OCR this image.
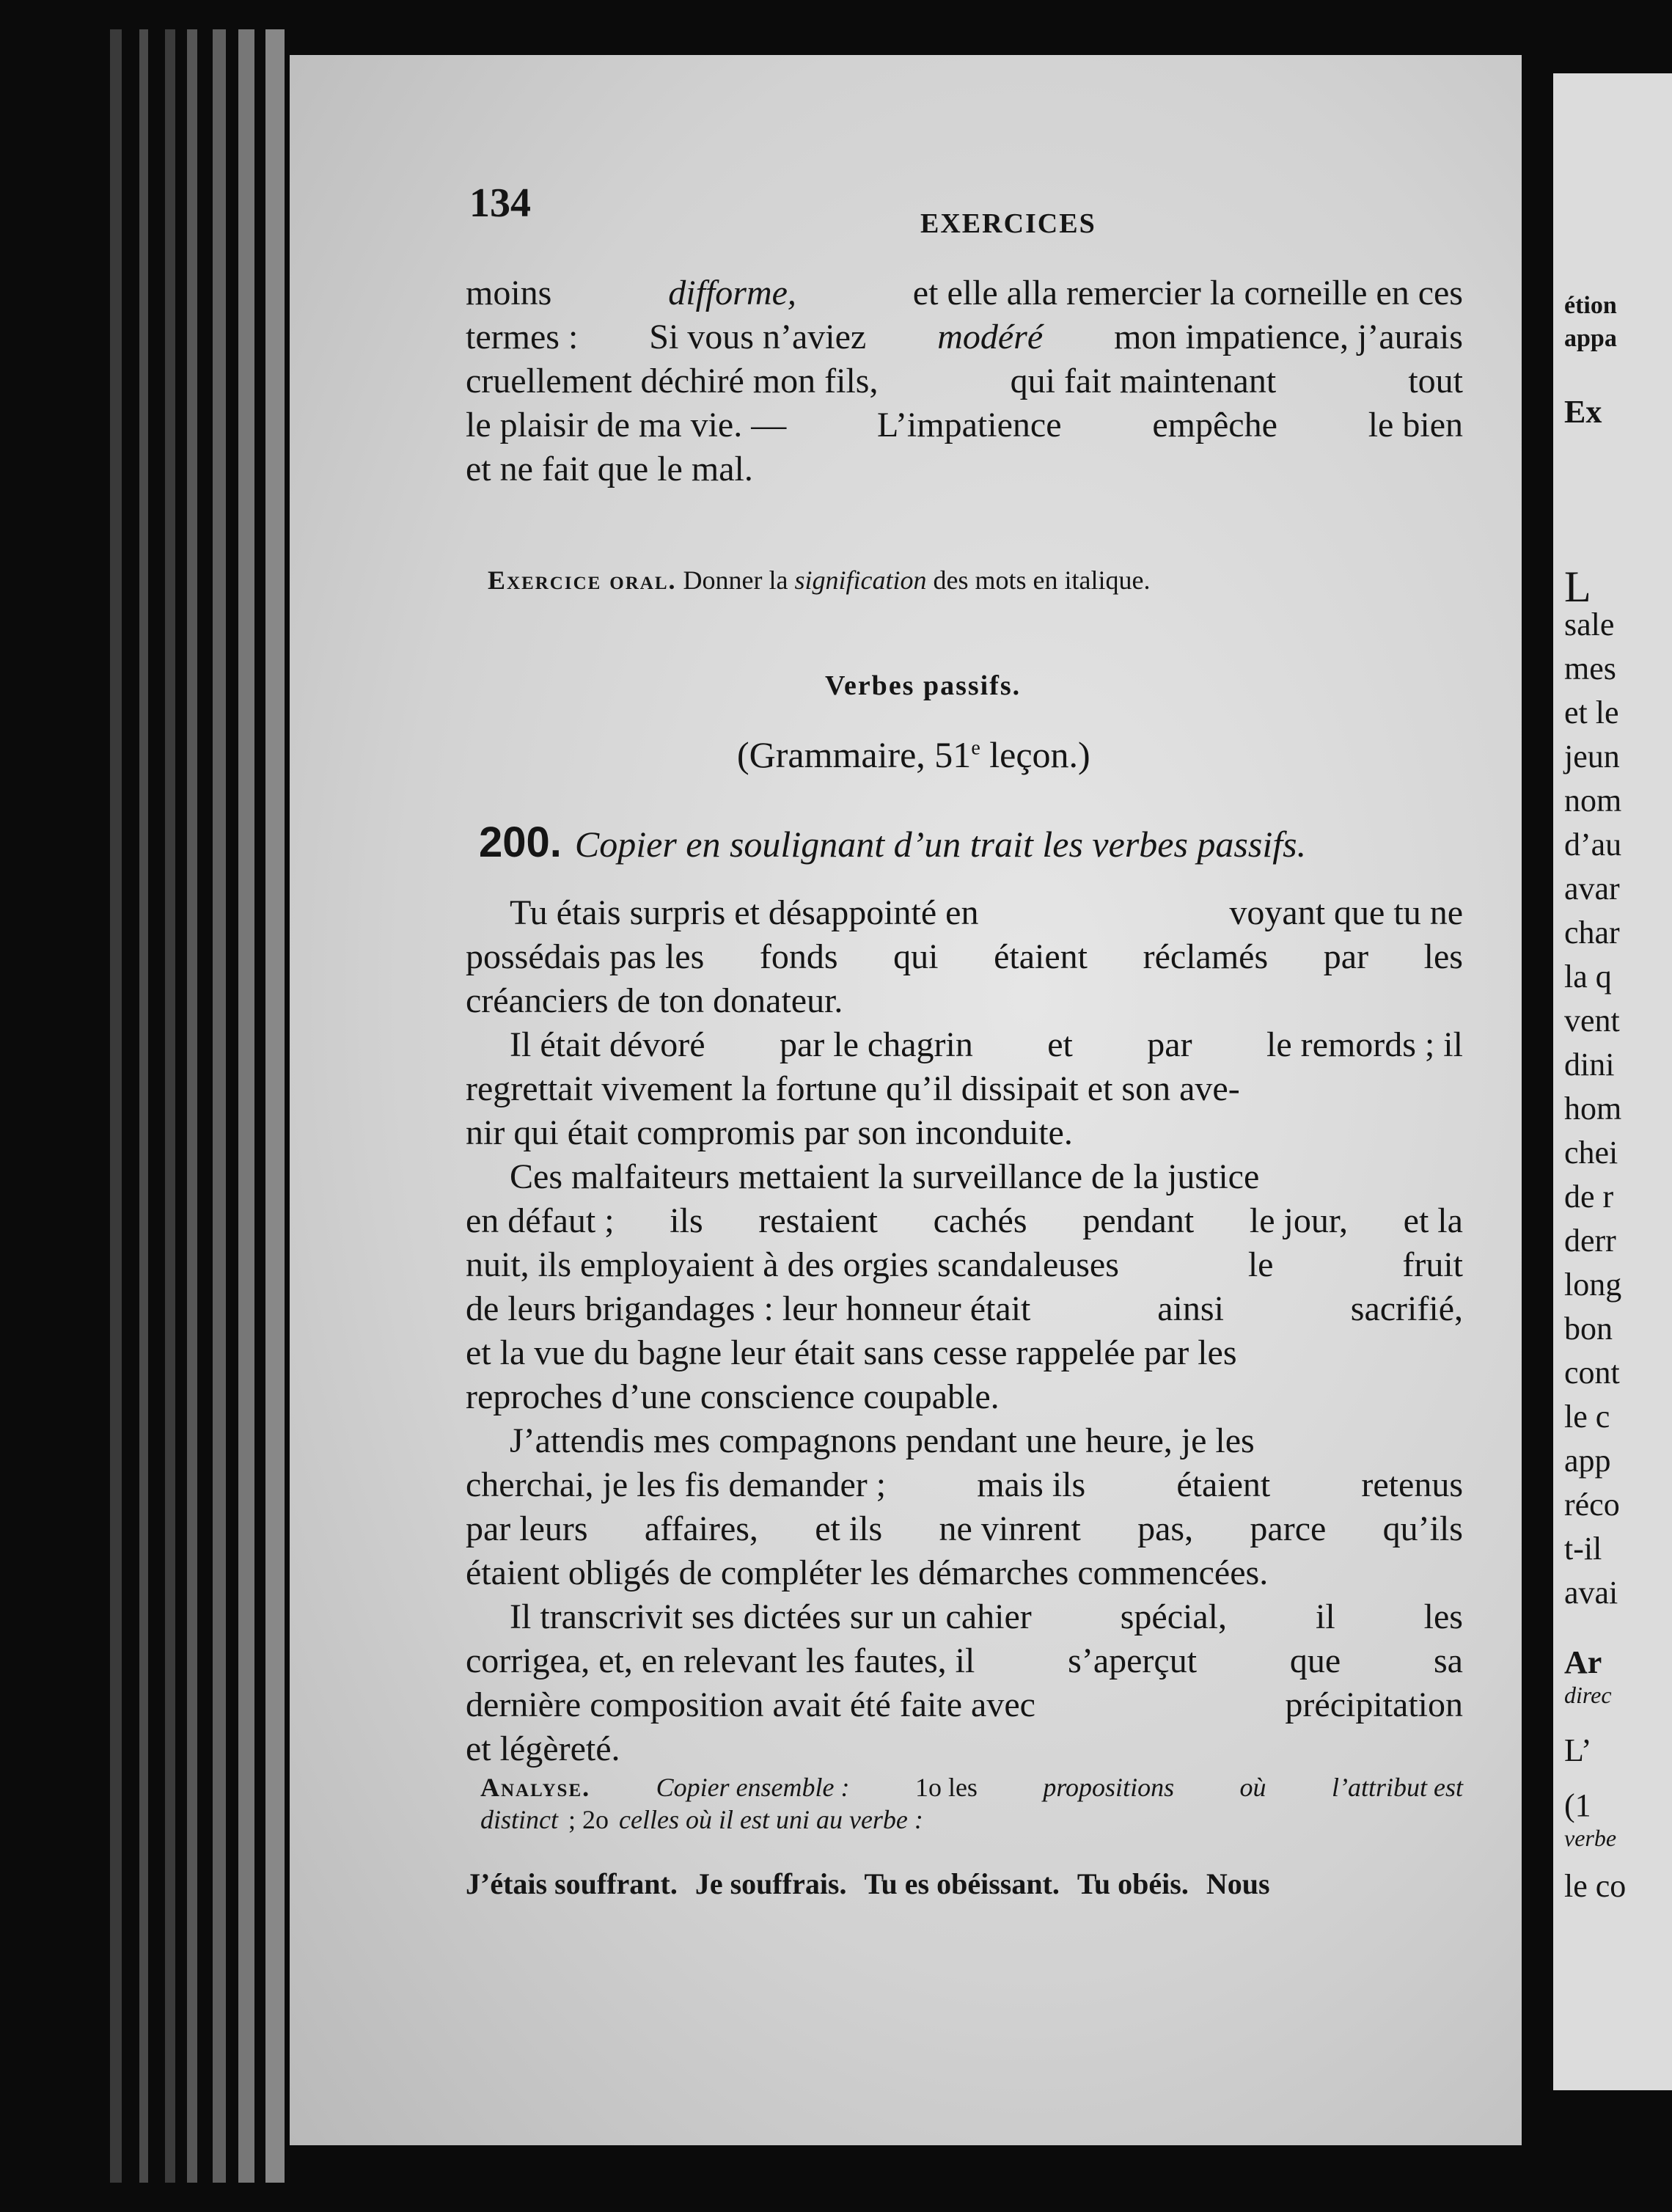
134	EXERCICES
moins	difforme,	et elle alla remercier la corneille en ces
termes : Si vous n’aviez modéré mon impatience, j’aurais
cruellement déchiré mon fils,	qui fait maintenant	tout
le plaisir de ma vie. —	L’impatience	empêche	le bien
et ne fait que le mal.
Exercice oral. Donner la signification des mots en italique.
Verbes passifs.
(Grammaire, 51e leçon.)
200. Copier en soulignant d’un trait les verbes passifs.
Tu étais surpris et désappointé en	voyant que tu ne
possédais pas les fonds qui étaient réclamés par les
créanciers de ton donateur.
Il était dévoré par le chagrin et par le remords ; il
regrettait vivement la fortune qu’il dissipait et son ave-
nir qui était compromis par son inconduite.
Ces malfaiteurs mettaient la surveillance de la justice
en défaut ; ils restaient cachés pendant le jour, et la
nuit, ils employaient à des orgies scandaleuses	le	fruit
de leurs brigandages : leur honneur était	ainsi	sacrifié,
et la vue du bagne leur était sans cesse rappelée par les
reproches d’une conscience coupable.
J’attendis mes compagnons pendant une heure, je les
cherchai, je les fis demander ;	mais ils	étaient	retenus
par leurs affaires, et ils ne vinrent pas, parce qu’ils
étaient obligés de compléter les démarches commencées.
Il transcrivit ses dictées sur un cahier	spécial,	il	les
corrigea, et, en relevant les fautes, il	s’aperçut	que	sa
dernière composition avait été faite avec	précipitation
et légèreté.
Analyse. Copier ensemble : 1o les propositions où l’attribut est
distinct ; 2o celles où il est uni au verbe :
J’étais souffrant. Je souffrais. Tu es obéissant. Tu obéis. Nous
étion
appa
Ex
L
sale
mes
et le
jeun
nom
d’au
avar
char
la q
vent
dini
hom
chei
de r
derr
long
bon
cont
le c
app
réco
t-il
avai
Ar
direc
L’
(1
verbe
le co
